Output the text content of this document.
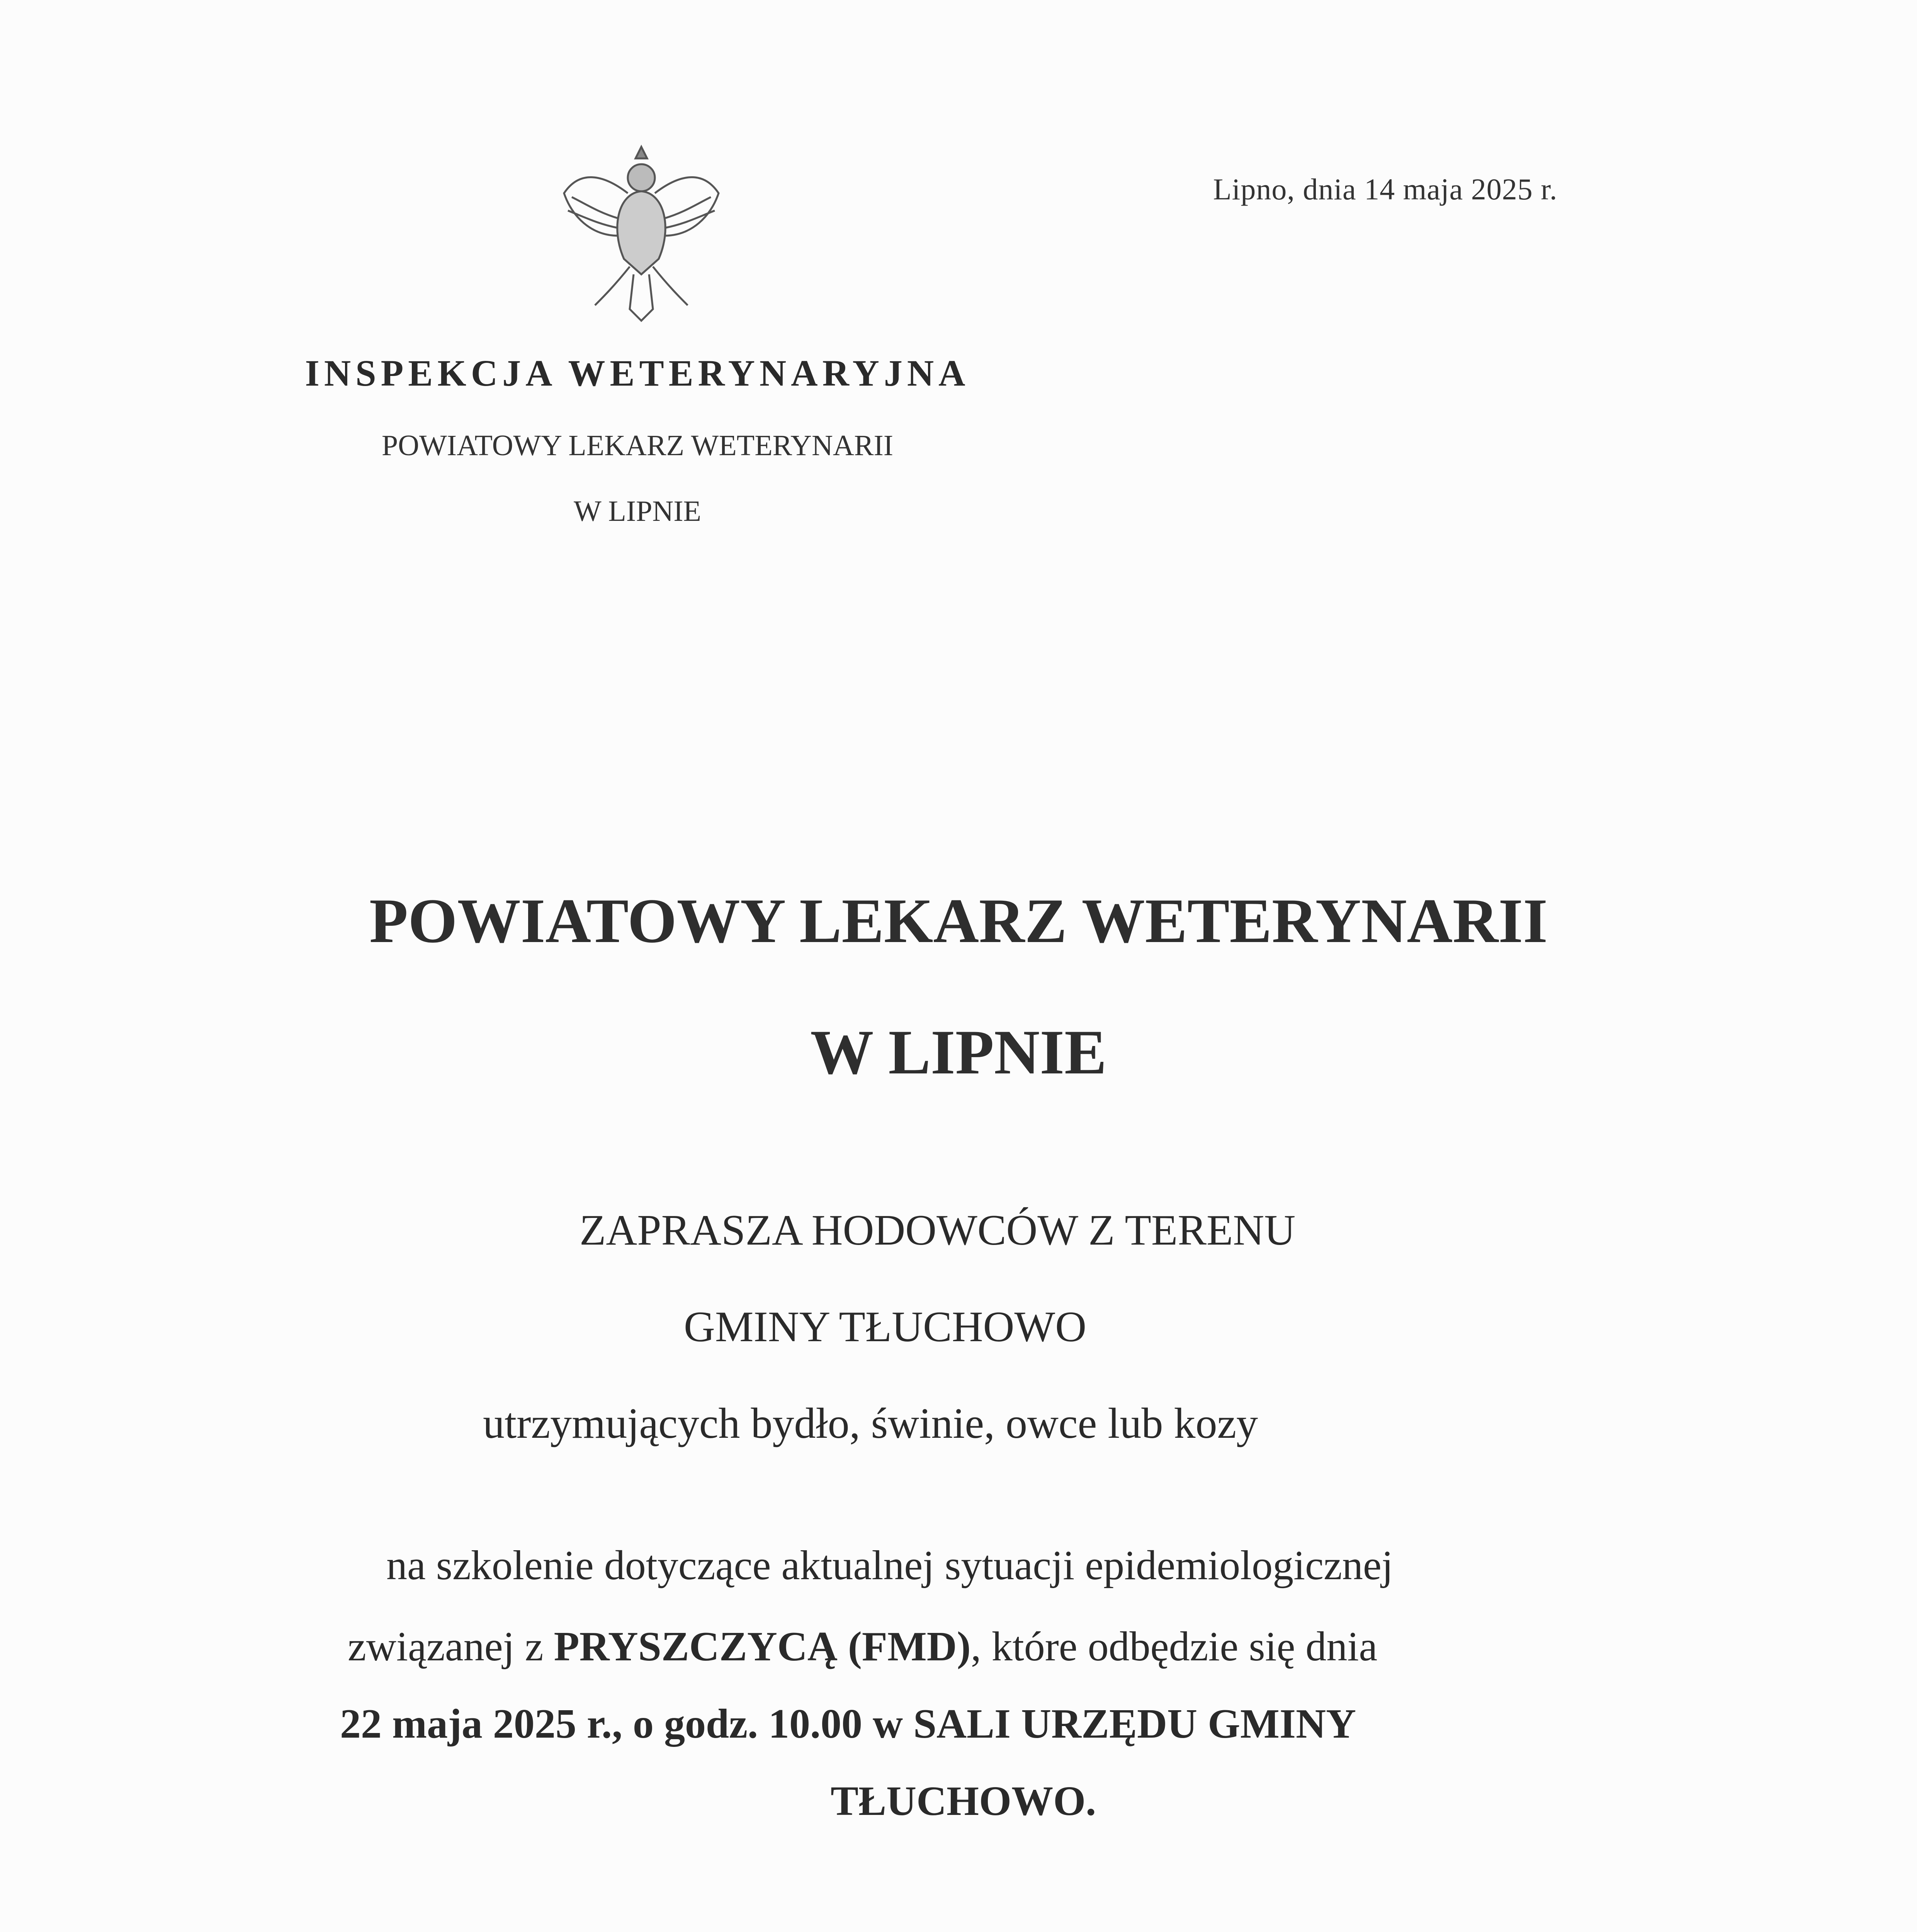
Lipno, dnia 14 maja 2025 r.
INSPEKCJA WETERYNARYJNA
POWIATOWY LEKARZ WETERYNARII
W LIPNIE
POWIATOWY LEKARZ WETERYNARII
W LIPNIE
ZAPRASZA HODOWCÓW Z TERENU
GMINY TŁUCHOWO
utrzymujących bydło, świnie, owce lub kozy
na szkolenie dotyczące aktualnej sytuacji epidemiologicznej
związanej z PRYSZCZYCĄ (FMD), które odbędzie się dnia
22 maja 2025 r., o godz. 10.00 w SALI URZĘDU GMINY
TŁUCHOWO.
